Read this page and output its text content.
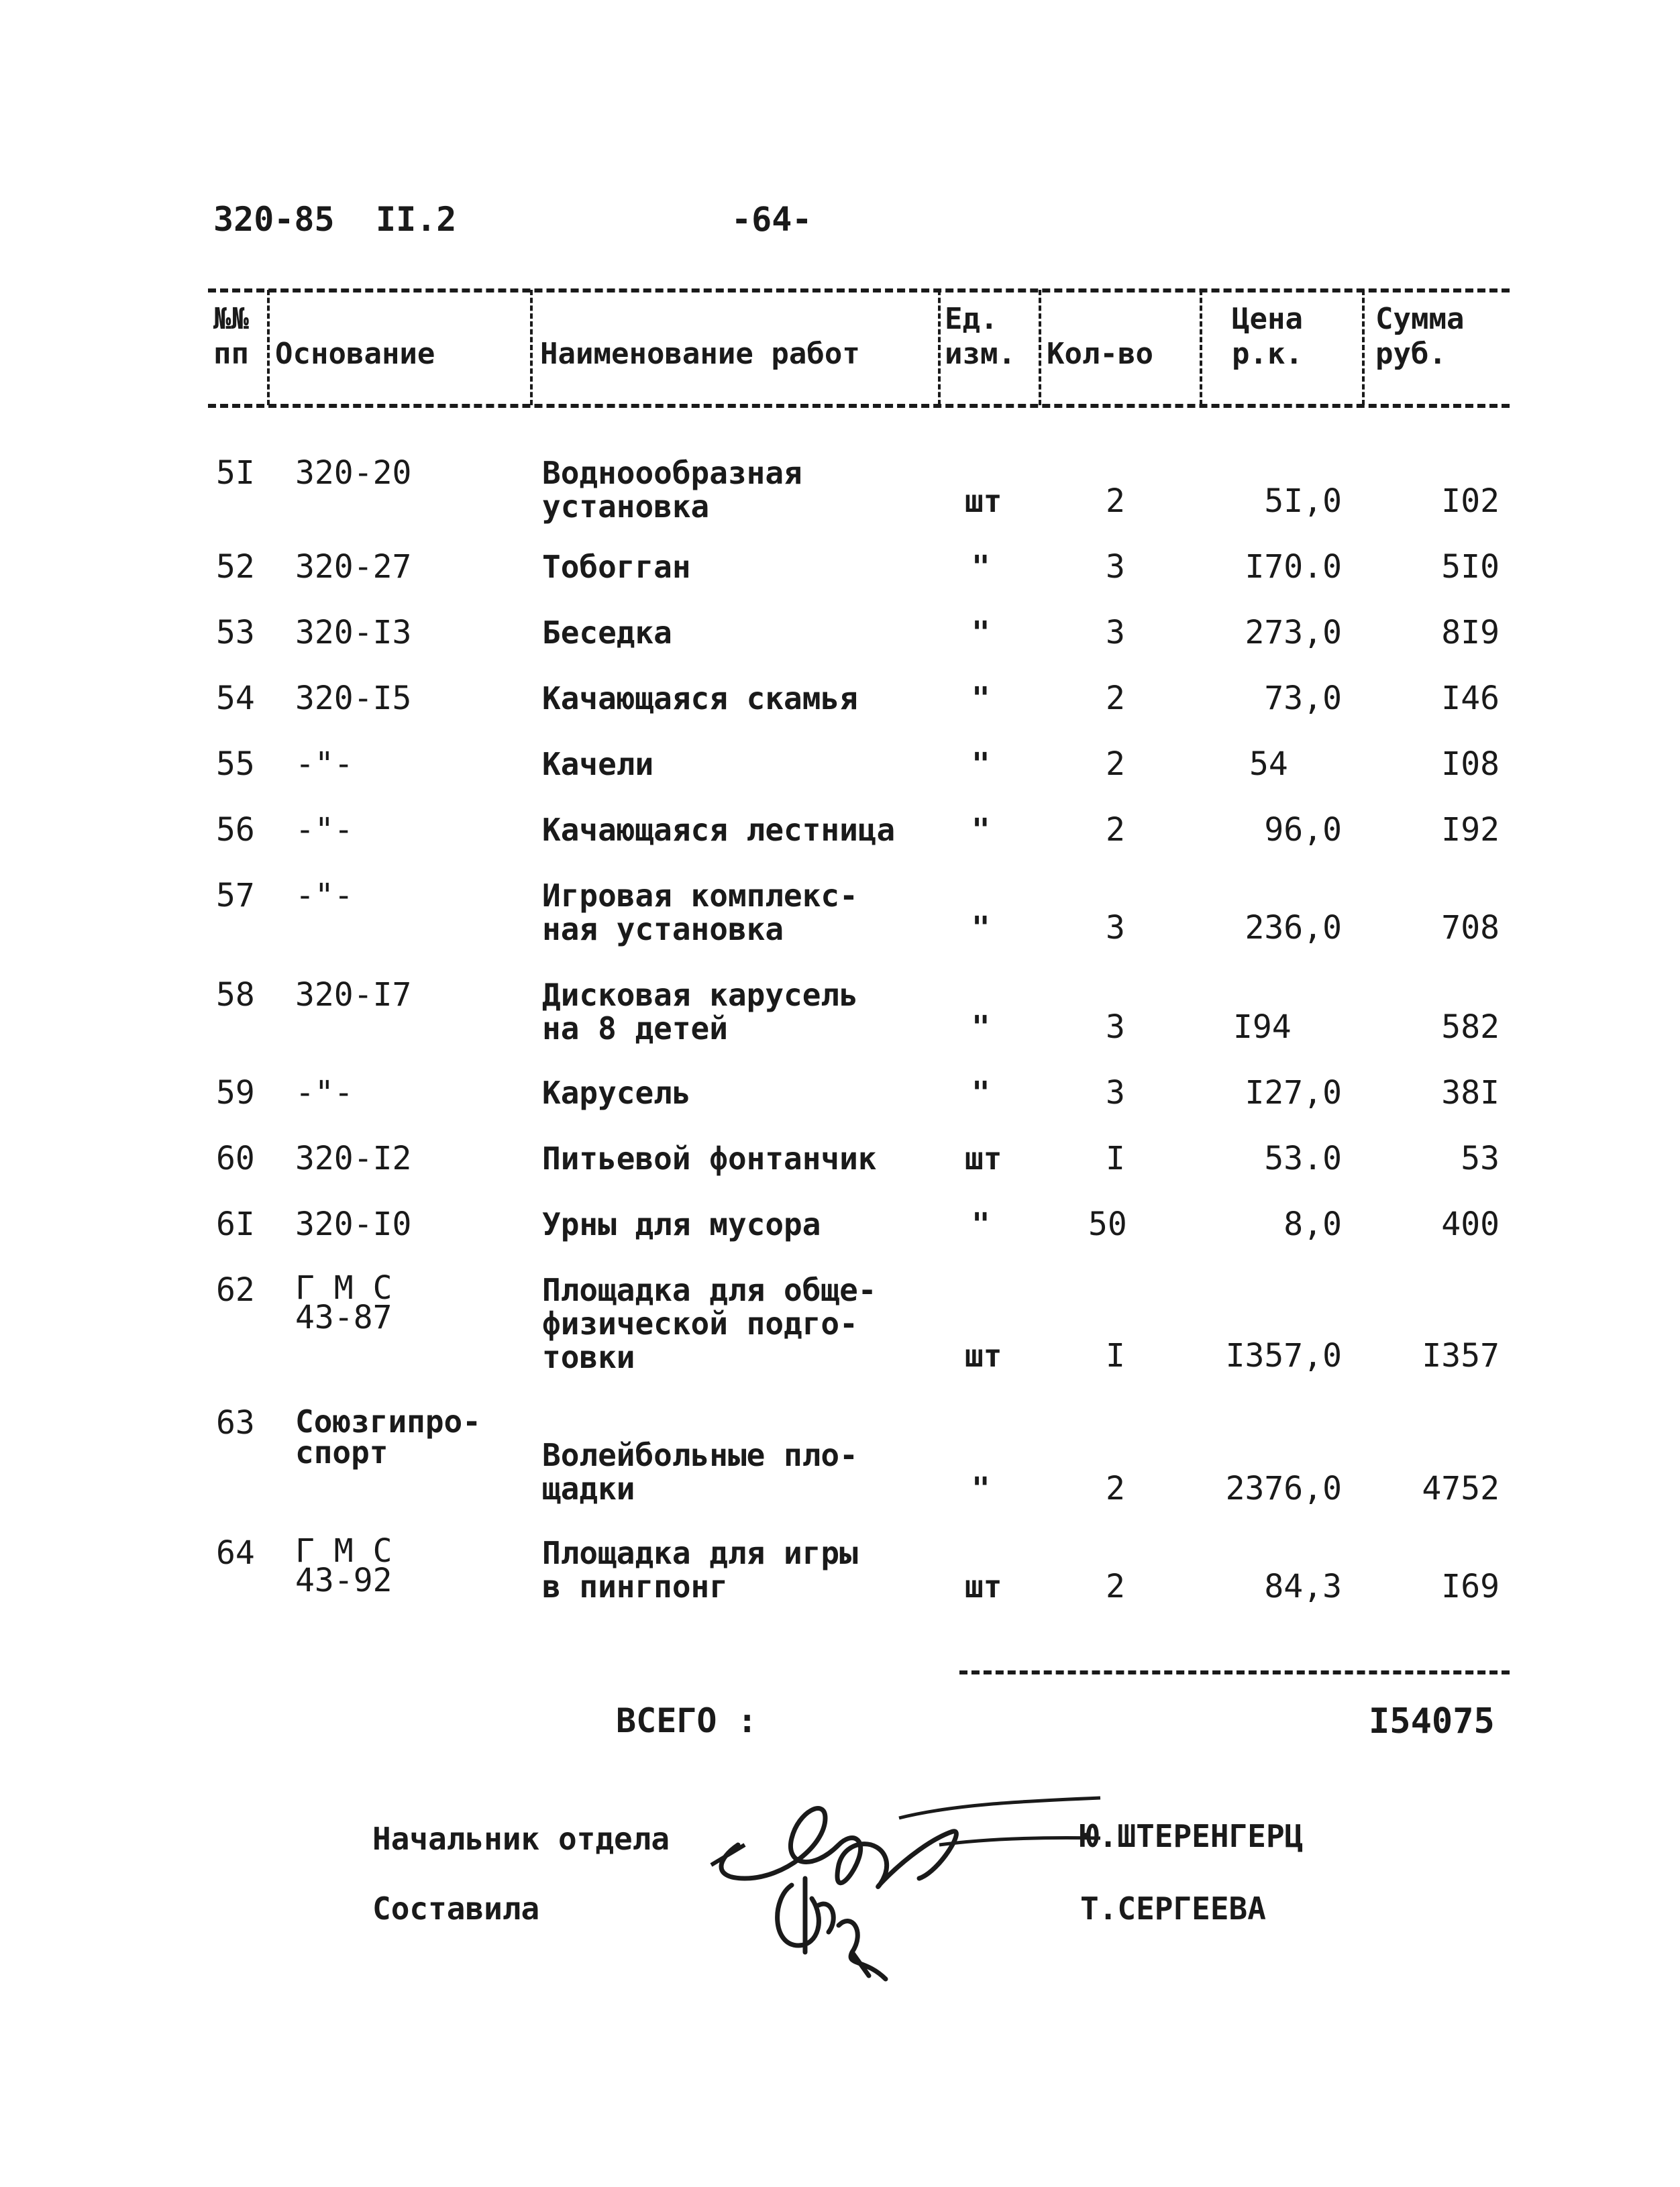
320-85 II.2	-64-
№№
пп Основание	Наименование работ
Ед.
изм. Кол-во
Цена
р.к.
Сумма
руб.
5I 320-20	Водноообразная
установка	шт	2	5I,0	I02
52 320-27	Тобогган	"	3	I70.0	5I0
53 320-I3	Беседка	"	3	273,0	8I9
54 320-I5	Качающаяся скамья	"	2	73,0	I46
55 -"-	Качели	"	2	54	I08
56 -"-	Качающаяся лестница "	2	96,0	I92
57 -"-	Игровая комплекс-
ная установка	"	3	236,0	708
58 320-I7	Дисковая карусель
на 8 детей	"	3	I94	582
59 -"-	Карусель	"	3	I27,0	38I
60 320-I2	Питьевой фонтанчик	шт	I	53.0	53
6I 320-I0	Урны для мусора	"	50	8,0	400
62 Г М С
43-87
Площадка для обще-
физической подго-
товки	шт	I	I357,0	I357
63 Союзгипро-
спорт	Волейбольные пло-
щадки	"	2	2376,0	4752
64 Г М С
43-92
Площадка для игры
в пингпонг	шт	2	84,3	I69
ВСЕГО :	I54075
Начальник отдела	Ю.ШТЕРЕНГЕРЦ
Составила	Т.СЕРГЕЕВА
